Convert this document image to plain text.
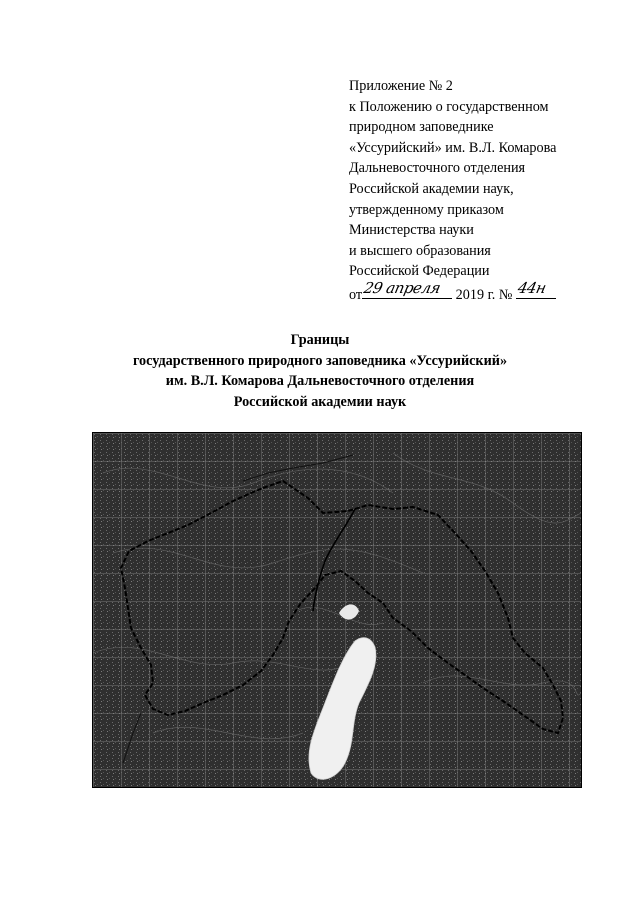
Приложение № 2
к Положению о государственном
природном заповеднике
«Уссурийский» им. В.Л. Комарова
Дальневосточного отделения
Российской академии наук,
утвержденному приказом
Министерства науки
и высшего образования
Российской Федерации
от 29 апреля 2019 г. № 44н
Границы
государственного природного заповедника «Уссурийский»
им. В.Л. Комарова Дальневосточного отделения
Российской академии наук
